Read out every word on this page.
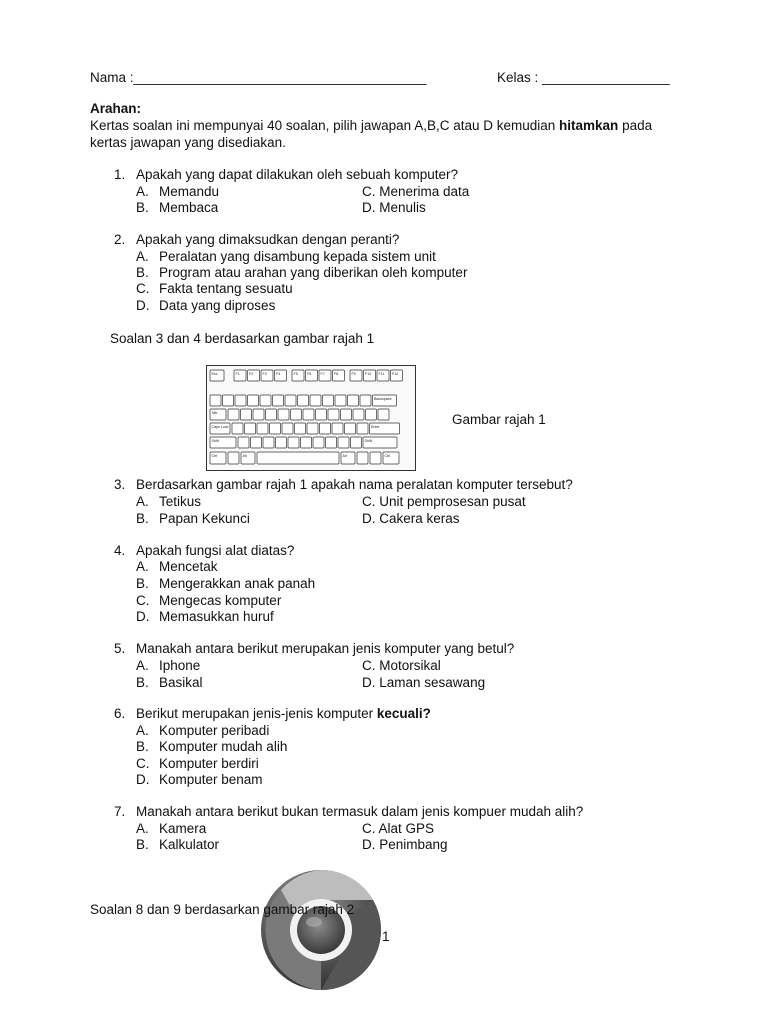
Nama :_______________________________________	Kelas : _________________
Arahan:
Kertas soalan ini mempunyai 40 soalan, pilih jawapan A,B,C atau D kemudian hitamkan pada
kertas jawapan yang disediakan.
1. Apakah yang dapat dilakukan oleh sebuah komputer?
A. Memandu
B. Membaca
C. Menerima data
D. Menulis
2. Apakah yang dimaksudkan dengan peranti?
A. Peralatan yang disambung kepada sistem unit
B. Program atau arahan yang diberikan oleh komputer
C. Fakta tentang sesuatu
D. Data yang diproses
Soalan 3 dan 4 berdasarkan gambar rajah 1
Esc	F1	F2	F3	F4	F5	F6	F7	F8	F9	F10 F11 F12
Backspace
Tab
Caps Lock	Enter
Shift	Shift
Ctrl	Alt	Alt	Ctrl
Gambar rajah 1
3. Berdasarkan gambar rajah 1 apakah nama peralatan komputer tersebut?
A. Tetikus
B. Papan Kekunci
C. Unit pemprosesan pusat
D. Cakera keras
4. Apakah fungsi alat diatas?
A. Mencetak
B. Mengerakkan anak panah
C. Mengecas komputer
D. Memasukkan huruf
5. Manakah antara berikut merupakan jenis komputer yang betul?
A. Iphone
B. Basikal
C. Motorsikal
D. Laman sesawang
6. Berikut merupakan jenis-jenis komputer kecuali?
A. Komputer peribadi
B. Komputer mudah alih
C. Komputer berdiri
D. Komputer benam
7. Manakah antara berikut bukan termasuk dalam jenis kompuer mudah alih?
A. Kamera
B. Kalkulator
C. Alat GPS
D. Penimbang
Soalan 8 dan 9 berdasarkan gambar rajah 2
1
